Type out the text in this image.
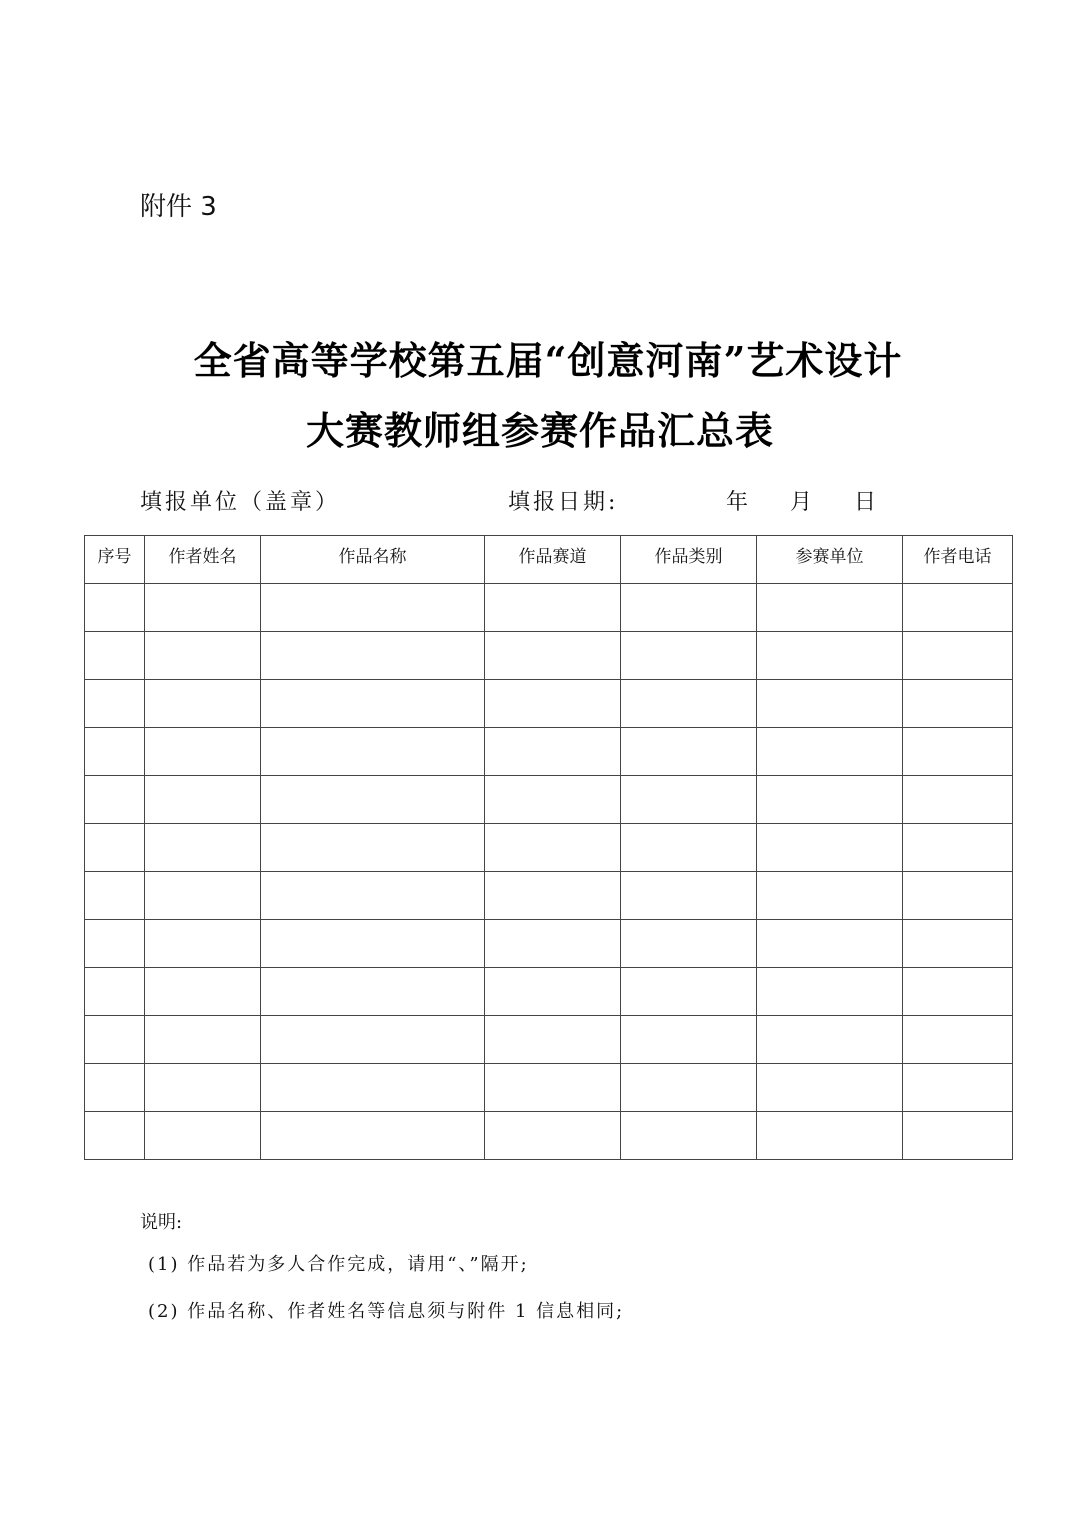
附件 3
全省高等学校第五届“创意河南”艺术设计
大赛教师组参赛作品汇总表
填报单位（盖章）	填报日期:	年 月 日
序号	作者姓名	作品名称	作品赛道	作品类别	参赛单位	作者电话

说明:
(1) 作品若为多人合作完成，请用“、”隔开;
(2) 作品名称、作者姓名等信息须与附件 1 信息相同;
